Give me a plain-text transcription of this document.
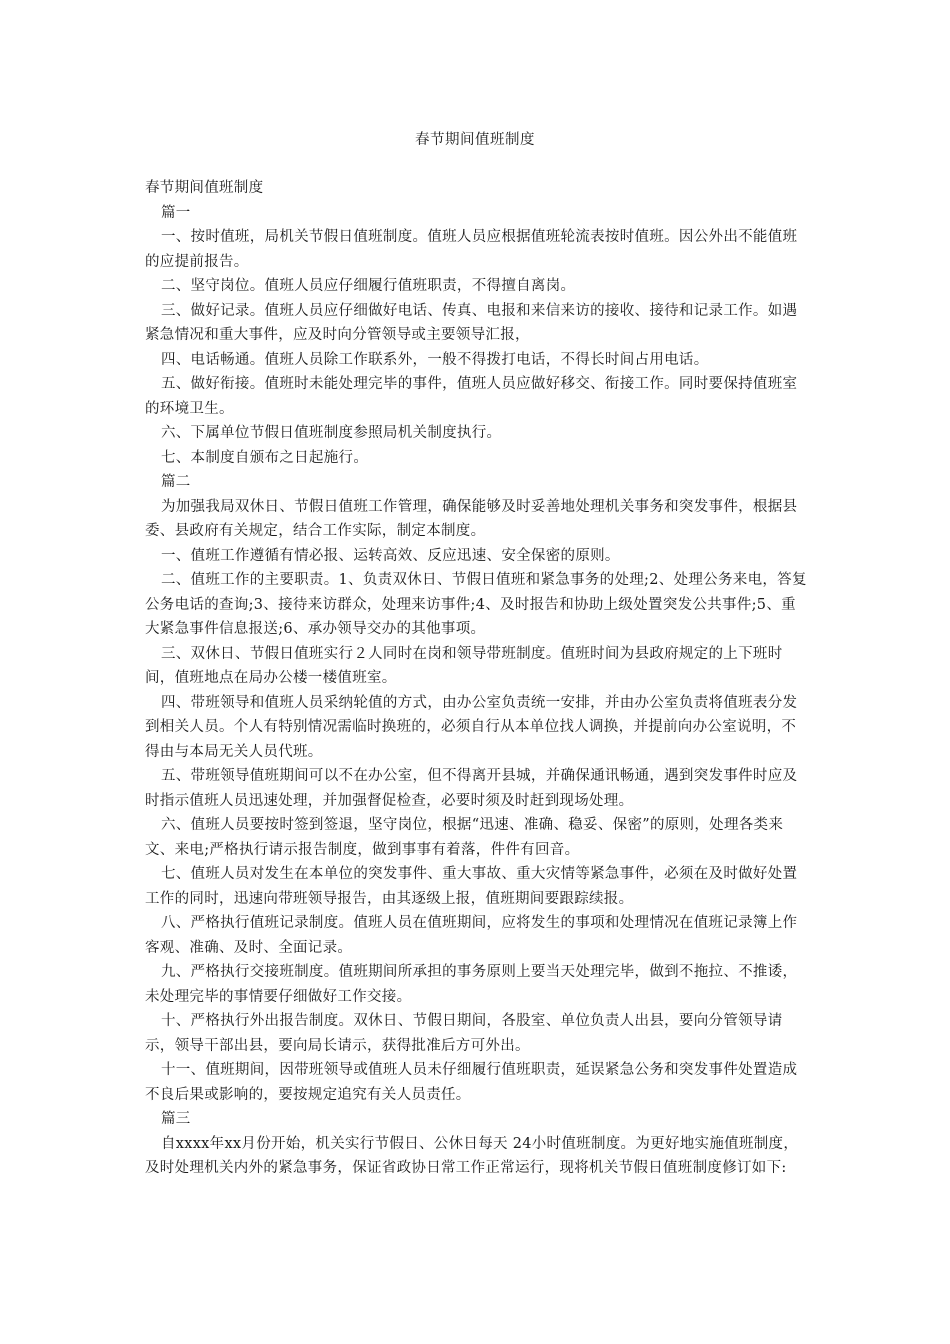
春节期间值班制度

春节期间值班制度

篇一

一、按时值班，局机关节假日值班制度。值班人员应根据值班轮流表按时值班。因公外出不能值班的应提前报告。

二、坚守岗位。值班人员应仔细履行值班职责，不得擅自离岗。

三、做好记录。值班人员应仔细做好电话、传真、电报和来信来访的接收、接待和记录工作。如遇紧急情况和重大事件，应及时向分管领导或主要领导汇报，

四、电话畅通。值班人员除工作联系外，一般不得拨打电话，不得长时间占用电话。

五、做好衔接。值班时未能处理完毕的事件，值班人员应做好移交、衔接工作。同时要保持值班室的环境卫生。

六、下属单位节假日值班制度参照局机关制度执行。

七、本制度自颁布之日起施行。

篇二

为加强我局双休日、节假日值班工作管理，确保能够及时妥善地处理机关事务和突发事件，根据县委、县政府有关规定，结合工作实际，制定本制度。

一、值班工作遵循有情必报、运转高效、反应迅速、安全保密的原则。

二、值班工作的主要职责。1、负责双休日、节假日值班和紧急事务的处理;2、处理公务来电，答复公务电话的查询;3、接待来访群众，处理来访事件;4、及时报告和协助上级处置突发公共事件;5、重大紧急事件信息报送;6、承办领导交办的其他事项。

三、双休日、节假日值班实行２人同时在岗和领导带班制度。值班时间为县政府规定的上下班时间，值班地点在局办公楼一楼值班室。

四、带班领导和值班人员采纳轮值的方式，由办公室负责统一安排，并由办公室负责将值班表分发到相关人员。个人有特别情况需临时换班的，必须自行从本单位找人调换，并提前向办公室说明，不得由与本局无关人员代班。

五、带班领导值班期间可以不在办公室，但不得离开县城，并确保通讯畅通，遇到突发事件时应及时指示值班人员迅速处理，并加强督促检查，必要时须及时赶到现场处理。

六、值班人员要按时签到签退，坚守岗位，根据“迅速、准确、稳妥、保密”的原则，处理各类来文、来电;严格执行请示报告制度，做到事事有着落，件件有回音。

七、值班人员对发生在本单位的突发事件、重大事故、重大灾情等紧急事件，必须在及时做好处置工作的同时，迅速向带班领导报告，由其逐级上报，值班期间要跟踪续报。

八、严格执行值班记录制度。值班人员在值班期间，应将发生的事项和处理情况在值班记录簿上作客观、准确、及时、全面记录。

九、严格执行交接班制度。值班期间所承担的事务原则上要当天处理完毕，做到不拖拉、不推诿，未处理完毕的事情要仔细做好工作交接。

十、严格执行外出报告制度。双休日、节假日期间，各股室、单位负责人出县，要向分管领导请示，领导干部出县，要向局长请示，获得批准后方可外出。

十一、值班期间，因带班领导或值班人员未仔细履行值班职责，延误紧急公务和突发事件处置造成不良后果或影响的，要按规定追究有关人员责任。

篇三

自xxxx年xx月份开始，机关实行节假日、公休日每天 24小时值班制度。为更好地实施值班制度，及时处理机关内外的紧急事务，保证省政协日常工作正常运行，现将机关节假日值班制度修订如下:
